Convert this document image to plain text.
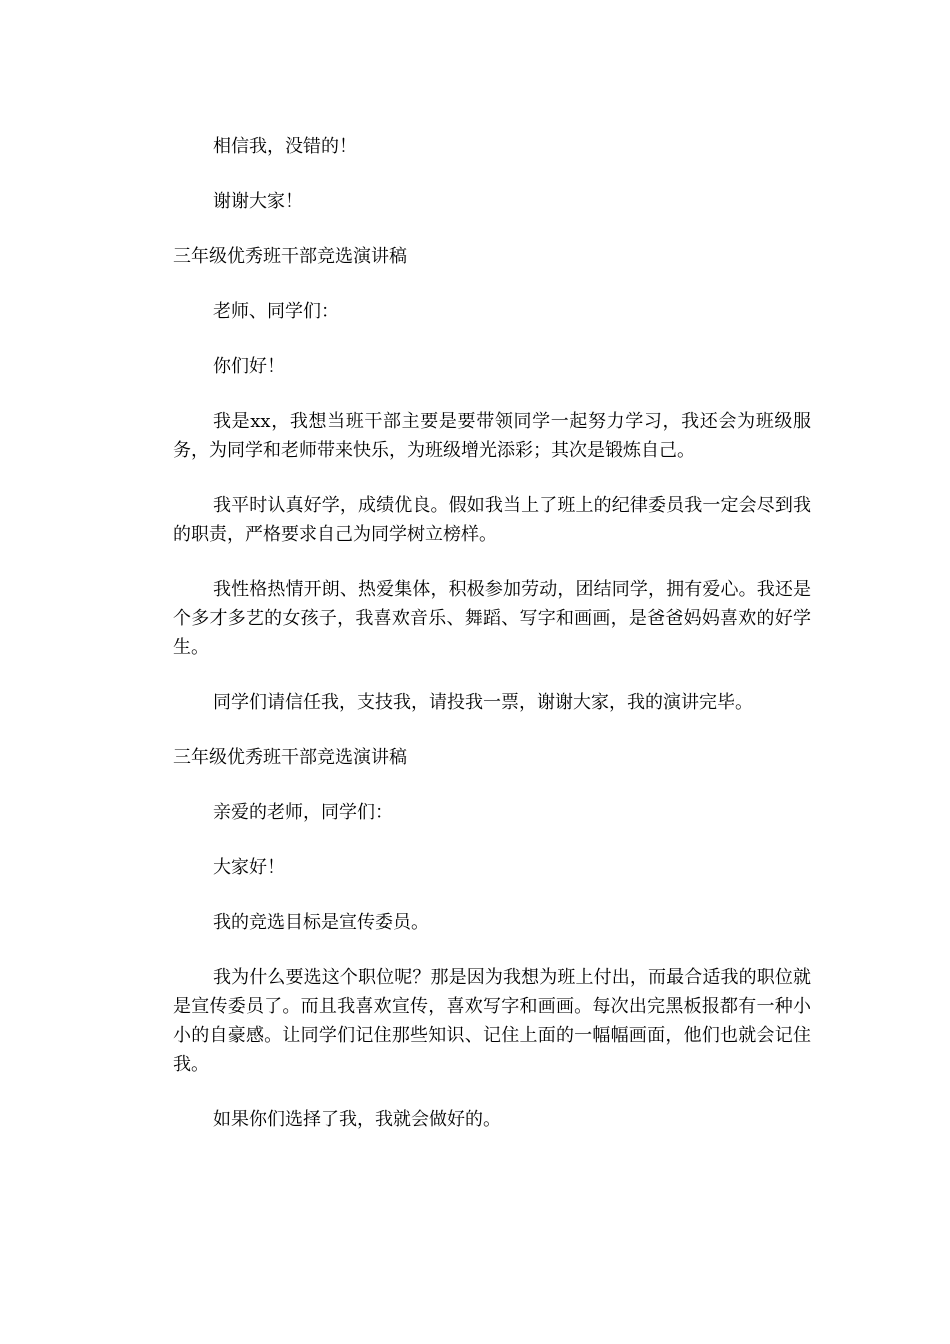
相信我，没错的！

谢谢大家！

三年级优秀班干部竞选演讲稿

老师、同学们：

你们好！

我是xx，我想当班干部主要是要带领同学一起努力学习，我还会为班级服务，为同学和老师带来快乐，为班级增光添彩；其次是锻炼自己。

我平时认真好学，成绩优良。假如我当上了班上的纪律委员我一定会尽到我的职责，严格要求自己为同学树立榜样。

我性格热情开朗、热爱集体，积极参加劳动，团结同学，拥有爱心。我还是个多才多艺的女孩子，我喜欢音乐、舞蹈、写字和画画，是爸爸妈妈喜欢的好学生。

同学们请信任我，支技我，请投我一票，谢谢大家，我的演讲完毕。

三年级优秀班干部竞选演讲稿

亲爱的老师，同学们：

大家好！

我的竞选目标是宣传委员。

我为什么要选这个职位呢？那是因为我想为班上付出，而最合适我的职位就是宣传委员了。而且我喜欢宣传，喜欢写字和画画。每次出完黑板报都有一种小小的自豪感。让同学们记住那些知识、记住上面的一幅幅画面，他们也就会记住我。

如果你们选择了我，我就会做好的。
